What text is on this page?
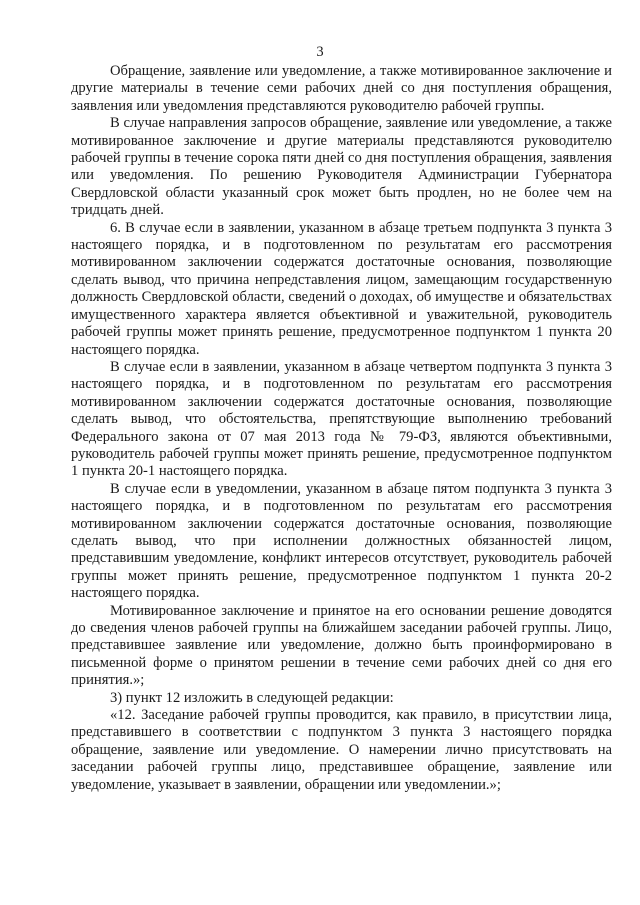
3

Обращение, заявление или уведомление, а также мотивированное заключение и другие материалы в течение семи рабочих дней со дня поступления обращения, заявления или уведомления представляются руководителю рабочей группы.

В случае направления запросов обращение, заявление или уведомление, а также мотивированное заключение и другие материалы представляются руководителю рабочей группы в течение сорока пяти дней со дня поступления обращения, заявления или уведомления. По решению Руководителя Администрации Губернатора Свердловской области указанный срок может быть продлен, но не более чем на тридцать дней.

6. В случае если в заявлении, указанном в абзаце третьем подпункта 3 пункта 3 настоящего порядка, и в подготовленном по результатам его рассмотрения мотивированном заключении содержатся достаточные основания, позволяющие сделать вывод, что причина непредставления лицом, замещающим государственную должность Свердловской области, сведений о доходах, об имуществе и обязательствах имущественного характера является объективной и уважительной, руководитель рабочей группы может принять решение, предусмотренное подпунктом 1 пункта 20 настоящего порядка.

В случае если в заявлении, указанном в абзаце четвертом подпункта 3 пункта 3 настоящего порядка, и в подготовленном по результатам его рассмотрения мотивированном заключении содержатся достаточные основания, позволяющие сделать вывод, что обстоятельства, препятствующие выполнению требований Федерального закона от 07 мая 2013 года № 79-ФЗ, являются объективными, руководитель рабочей группы может принять решение, предусмотренное подпунктом 1 пункта 20-1 настоящего порядка.

В случае если в уведомлении, указанном в абзаце пятом подпункта 3 пункта 3 настоящего порядка, и в подготовленном по результатам его рассмотрения мотивированном заключении содержатся достаточные основания, позволяющие сделать вывод, что при исполнении должностных обязанностей лицом, представившим уведомление, конфликт интересов отсутствует, руководитель рабочей группы может принять решение, предусмотренное подпунктом 1 пункта 20-2 настоящего порядка.

Мотивированное заключение и принятое на его основании решение доводятся до сведения членов рабочей группы на ближайшем заседании рабочей группы. Лицо, представившее заявление или уведомление, должно быть проинформировано в письменной форме о принятом решении в течение семи рабочих дней со дня его принятия.»;

3) пункт 12 изложить в следующей редакции:

«12. Заседание рабочей группы проводится, как правило, в присутствии лица, представившего в соответствии с подпунктом 3 пункта 3 настоящего порядка обращение, заявление или уведомление. О намерении лично присутствовать на заседании рабочей группы лицо, представившее обращение, заявление или уведомление, указывает в заявлении, обращении или уведомлении.»;
